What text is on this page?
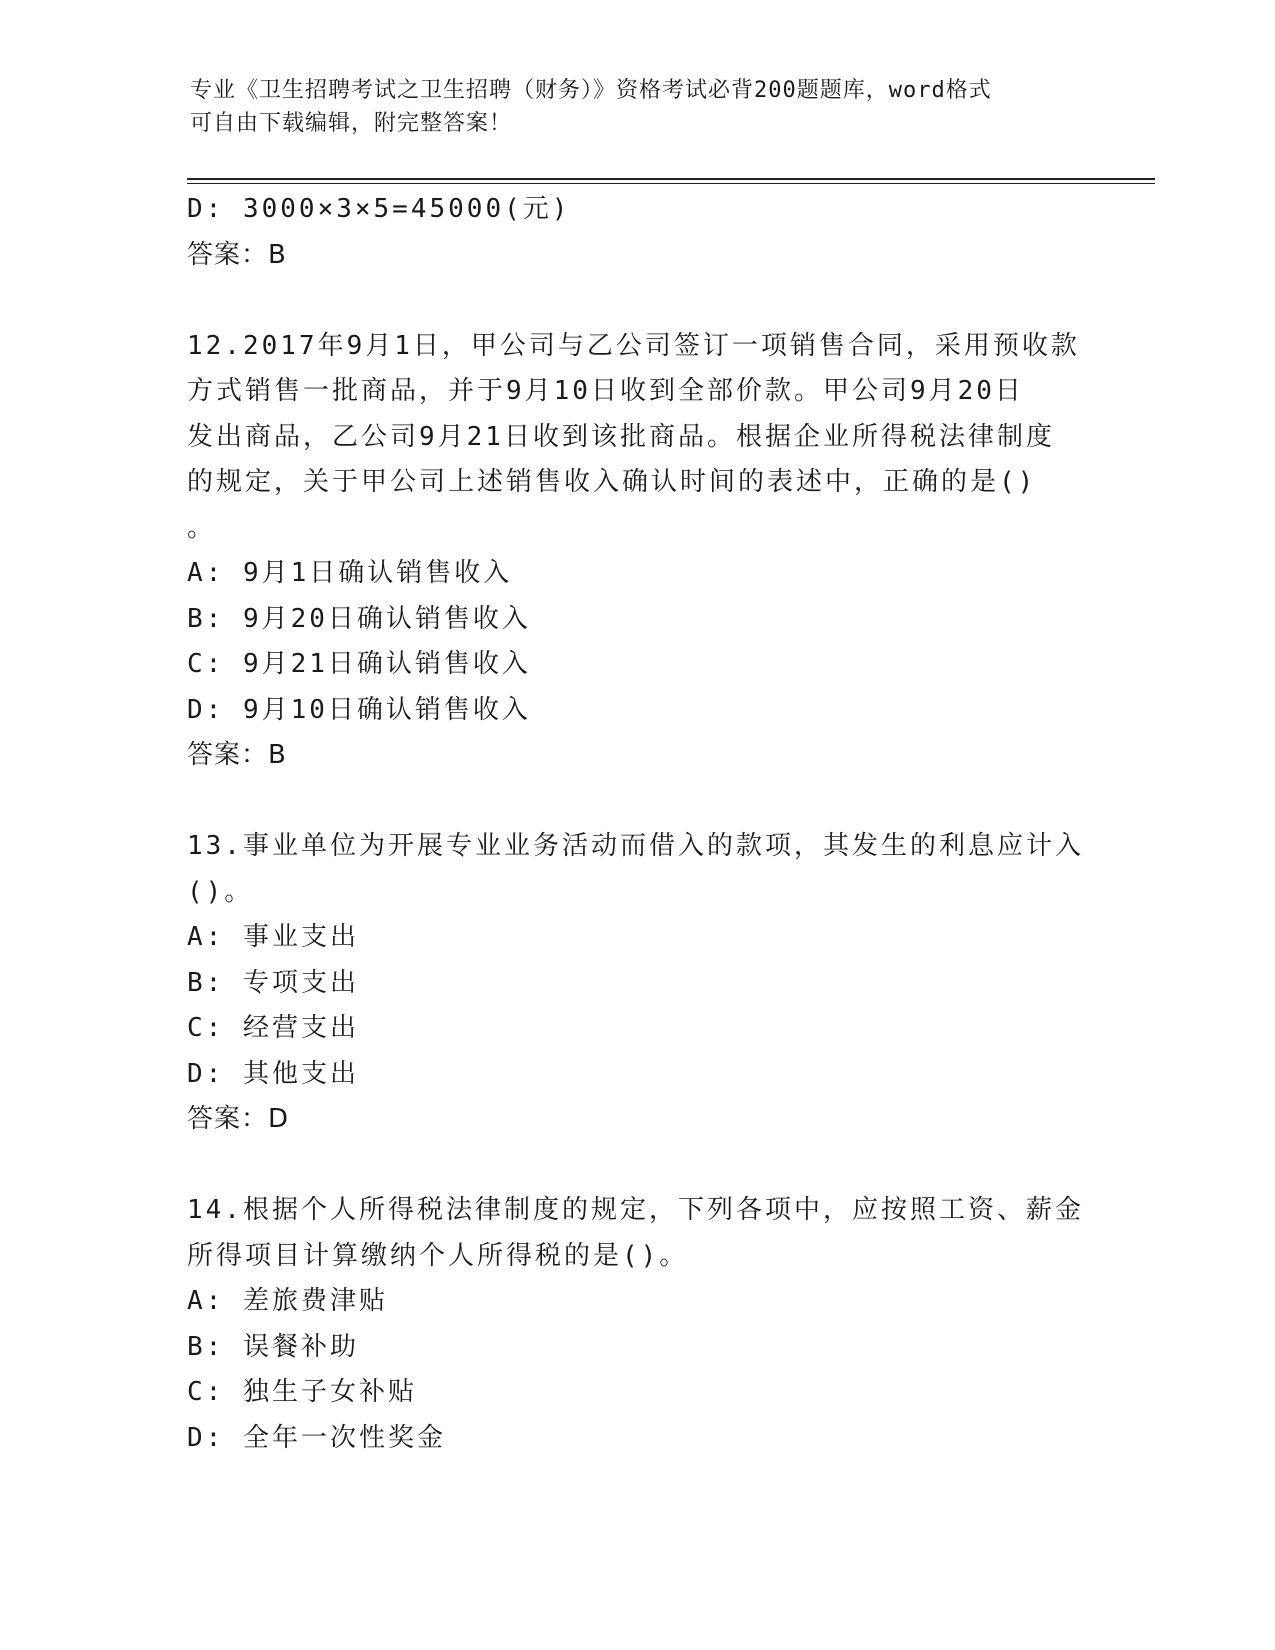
专业《卫生招聘考试之卫生招聘（财务）》资格考试必背200题题库，word格式
可自由下载编辑，附完整答案！
D: 3000×3×5=45000(元)
答案：B
12.2017年9月1日，甲公司与乙公司签订一项销售合同，采用预收款
方式销售一批商品，并于9月10日收到全部价款。甲公司9月20日
发出商品，乙公司9月21日收到该批商品。根据企业所得税法律制度
的规定，关于甲公司上述销售收入确认时间的表述中，正确的是()
。
A: 9月1日确认销售收入
B: 9月20日确认销售收入
C: 9月21日确认销售收入
D: 9月10日确认销售收入
答案：B
13.事业单位为开展专业业务活动而借入的款项，其发生的利息应计入
()。
A: 事业支出
B: 专项支出
C: 经营支出
D: 其他支出
答案：D
14.根据个人所得税法律制度的规定，下列各项中，应按照工资、薪金
所得项目计算缴纳个人所得税的是()。
A: 差旅费津贴
B: 误餐补助
C: 独生子女补贴
D: 全年一次性奖金
